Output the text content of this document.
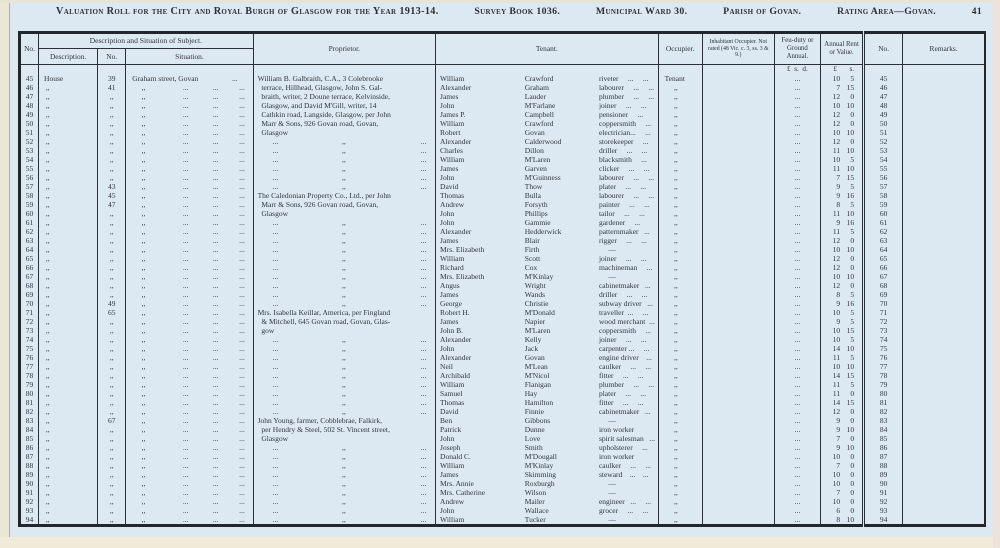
Valuation Roll for the City and Royal Burgh of Glasgow for the Year 1913-14.	Survey Book 1036.	Municipal Ward 30.	Parish of Govan.	Rating Area—Govan.	41
No.	Description and Situation of Subject.			Proprietor.	Tenant.			Occupier.	Inhabitant Occupier. Not rated (48 Vic. c. 3, ss. 3 & 9.)	Feu-duty or Ground Annual.	Annual Rent or Value.	No.	Remarks.
	Description.	No.	Situation.										
										£  s.  d.	£       s.		
45	House	39	Graham street, Govan                  ...	William B. Galbraith, C.A., 3 Colebrooke	William	Crawford	riveter     ...     ...	Tenant		...	10 5	45	
46	,,	41	,,                    ...             ...           ...	terrace, Hillhead, Glasgow, John S. Gal-	Alexander	Graham	labourer     ...     ...	,,		...	7 15	46	
47	,,	,,	,,                    ...             ...           ...	braith, writer, 2 Doune terrace, Kelvinside,	James	Lauder	plumber     ...     ...	,,		...	12 0	47	
48	,,	,,	,,                    ...             ...           ...	Glasgow, and David M'Gill, writer, 14	John	M'Farlane	joiner     ...     ...	,,		...	10 10	48	
49	,,	,,	,,                    ...             ...           ...	Cathkin road, Langside, Glasgow, per John	James P.	Campbell	pensioner     ...	,,		...	12 0	49	
50	,,	,,	,,                    ...             ...           ...	Marr & Sons, 926 Govan road, Govan,	William	Crawford	coppersmith     ...	,,		...	12 0	50	
51	,,	,,	,,                    ...             ...           ...	Glasgow	Robert	Govan	electrician...     ...	,,		...	10 10	51	
52	,,	,,	,,                    ...             ...           ...	...                                  ,,                                        ...	Alexander	Calderwood	storekeeper     ...	,,		...	12 0	52	
53	,,	,,	,,                    ...             ...           ...	...                                  ,,                                        ...	Charles	Dillon	driller     ...     ...	,,		...	11 10	53	
54	,,	,,	,,                    ...             ...           ...	...                                  ,,                                        ...	William	M'Laren	blacksmith     ...	,,		...	10 5	54	
55	,,	,,	,,                    ...             ...           ...	...                                  ,,                                        ...	James	Garven	clicker     ...     ...	,,		...	11 10	55	
56	,,	,,	,,                    ...             ...           ...	...                                  ,,                                        ...	John	M'Guinness	labourer     ...     ...	,,		...	7 15	56	
57	,,	43	,,                    ...             ...           ...	...                                  ,,                                        ...	David	Thow	plater     ...     ...	,,		...	9 5	57	
58	,,	45	,,                    ...             ...           ...	The Caledonian Property Co., Ltd., per John	Thomas	Bulla	labourer     ...     ...	,,		...	9 16	58	
59	,,	47	,,                    ...             ...           ...	Marr & Sons, 926 Govan road, Govan,	Andrew	Forsyth	painter     ...     ...	,,		...	8 5	59	
60	,,	,,	,,                    ...             ...           ...	Glasgow	John	Phillips	tailor     ...     ...	,,		...	11 10	60	
61	,,	,,	,,                    ...             ...           ...	...                                  ,,                                        ...	John	Gammie	gardener     ...	,,		...	9 16	61	
62	,,	,,	,,                    ...             ...           ...	...                                  ,,                                        ...	Alexander	Hedderwick	patternmaker   ...	,,		...	11 5	62	
63	,,	,,	,,                    ...             ...           ...	...                                  ,,                                        ...	James	Blair	rigger     ...     ...	,,		...	12 0	63	
64	,,	,,	,,                    ...             ...           ...	...                                  ,,                                        ...	Mrs. Elizabeth	Firth	—	,,		...	10 10	64	
65	,,	,,	,,                    ...             ...           ...	...                                  ,,                                        ...	William	Scott	joiner     ...     ...	,,		...	12 0	65	
66	,,	,,	,,                    ...             ...           ...	...                                  ,,                                        ...	Richard	Cox	machineman     ...	,,		...	12 0	66	
67	,,	,,	,,                    ...             ...           ...	...                                  ,,                                        ...	Mrs. Elizabeth	M'Kinlay	—	,,		...	10 10	67	
68	,,	,,	,,                    ...             ...           ...	...                                  ,,                                        ...	Angus	Wright	cabinetmaker   ...	,,		...	12 0	68	
69	,,	,,	,,                    ...             ...           ...	...                                  ,,                                        ...	James	Wands	driller     ...     ...	,,		...	8 5	69	
70	,,	49	,,                    ...             ...           ...	...                                  ,,                                        ...	George	Christie	subway driver   ...	,,		...	9 16	70	
71	,,	65	,,                    ...             ...           ...	Mrs. Isabella Keillar, America, per Fingland	Robert H.	M'Donald	traveller  ...     ...	,,		...	10 5	71	
72	,,	,,	,,                    ...             ...           ...	& Mitchell, 645 Govan road, Govan, Glas-	James	Napier	wood merchant  ...	,,		...	9 5	72	
73	,,	,,	,,                    ...             ...           ...	gow	John B.	M'Laren	coppersmith     ...	,,		...	10 15	73	
74	,,	,,	,,                    ...             ...           ...	...                                  ,,                                        ...	Alexander	Kelly	joiner     ...     ...	,,		...	10 5	74	
75	,,	,,	,,                    ...             ...           ...	...                                  ,,                                        ...	John	Jack	carpenter ...     ...	,,		...	14 10	75	
76	,,	,,	,,                    ...             ...           ...	...                                  ,,                                        ...	Alexander	Govan	engine driver    ...	,,		...	11 5	76	
77	,,	,,	,,                    ...             ...           ...	...                                  ,,                                        ...	Neil	M'Lean	caulker     ...     ...	,,		...	10 10	77	
78	,,	,,	,,                    ...             ...           ...	...                                  ,,                                        ...	Archibald	M'Nicol	fitter     ...     ...	,,		...	14 15	78	
79	,,	,,	,,                    ...             ...           ...	...                                  ,,                                        ...	William	Flanigan	plumber     ...     ...	,,		...	11 5	79	
80	,,	,,	,,                    ...             ...           ...	...                                  ,,                                        ...	Samuel	Hay	plater     ...     ...	,,		...	11 0	80	
81	,,	,,	,,                    ...             ...           ...	...                                  ,,                                        ...	Thomas	Hamilton	fitter     ...     ...	,,		...	14 15	81	
82	,,	,,	,,                    ...             ...           ...	...                                  ,,                                        ...	David	Finnie	cabinetmaker   ...	,,		...	12 0	82	
83	,,	67	,,                    ...             ...           ...	John Young, farmer, Cobblebrae, Falkirk,	Ben	Gibbons	—	,,		...	9 0	83	
84	,,	,,	,,                    ...             ...           ...	per Hendry & Steel, 502 St. Vincent street,	Patrick	Dunne	iron worker	,,		...	9 10	84	
85	,,	,,	,,                    ...             ...           ...	Glasgow	John	Love	spirit salesman   ...	,,		...	7 0	85	
86	,,	,,	,,                    ...             ...           ...	...                                  ,,                                        ...	Joseph	Smith	upholsterer     ...	,,		...	9 10	86	
87	,,	,,	,,                    ...             ...           ...	...                                  ,,                                        ...	Donald C.	M'Dougall	iron worker	,,		...	10 0	87	
88	,,	,,	,,                    ...             ...           ...	...                                  ,,                                        ...	William	M'Kinlay	caulker     ...     ...	,,		...	7 0	88	
89	,,	,,	,,                    ...             ...           ...	...                                  ,,                                        ...	James	Skimming	steward    ...    ...	,,		...	10 0	89	
90	,,	,,	,,                    ...             ...           ...	...                                  ,,                                        ...	Mrs. Annie	Roxburgh	—	,,		...	10 0	90	
91	,,	,,	,,                    ...             ...           ...	...                                  ,,                                        ...	Mrs. Catherine	Wilson	—	,,		...	7 0	91	
92	,,	,,	,,                    ...             ...           ...	...                                  ,,                                        ...	Andrew	Mailer	engineer   ...     ...	,,		...	10 0	92	
93	,,	,,	,,                    ...             ...           ...	...                                  ,,                                        ...	John	Wallace	grocer     ...     ...	,,		...	6 0	93	
94	,,	,,	,,                    ...             ...           ...	...                                  ,,                                        ...	William	Tucker	—	,,		...	8 10	94	
